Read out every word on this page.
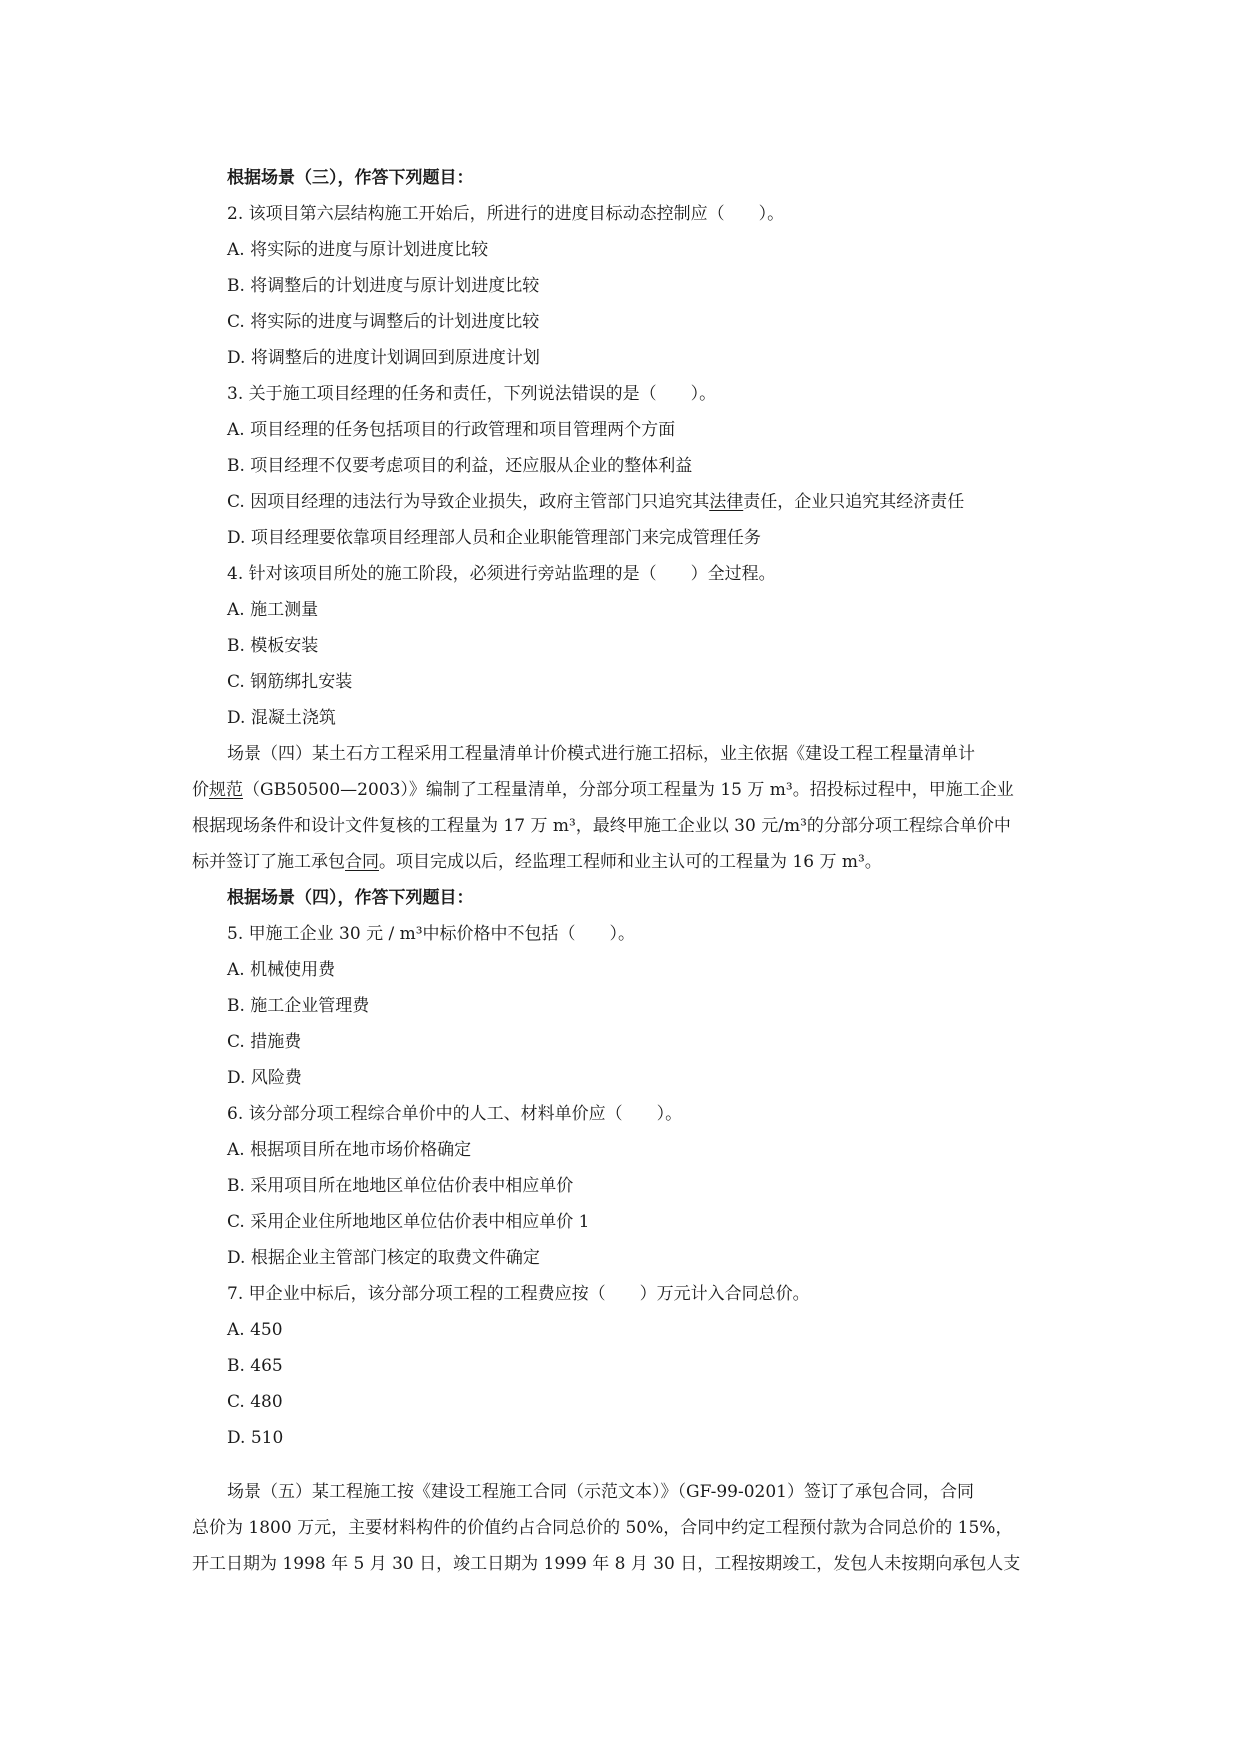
根据场景（三），作答下列题目：
2. 该项目第六层结构施工开始后，所进行的进度目标动态控制应（　　）。
A. 将实际的进度与原计划进度比较
B. 将调整后的计划进度与原计划进度比较
C. 将实际的进度与调整后的计划进度比较
D. 将调整后的进度计划调回到原进度计划
3. 关于施工项目经理的任务和责任，下列说法错误的是（　　）。
A. 项目经理的任务包括项目的行政管理和项目管理两个方面
B. 项目经理不仅要考虑项目的利益，还应服从企业的整体利益
C. 因项目经理的违法行为导致企业损失，政府主管部门只追究其法律责任，企业只追究其经济责任
D. 项目经理要依靠项目经理部人员和企业职能管理部门来完成管理任务
4. 针对该项目所处的施工阶段，必须进行旁站监理的是（　　）全过程。
A. 施工测量
B. 模板安装
C. 钢筋绑扎安装
D. 混凝土浇筑
场景（四）某土石方工程采用工程量清单计价模式进行施工招标，业主依据《建设工程工程量清单计
价规范（GB50500—2003）》编制了工程量清单，分部分项工程量为 15 万 m³。招投标过程中，甲施工企业
根据现场条件和设计文件复核的工程量为 17 万 m³，最终甲施工企业以 30 元/m³的分部分项工程综合单价中
标并签订了施工承包合同。项目完成以后，经监理工程师和业主认可的工程量为 16 万 m³。
根据场景（四），作答下列题目：
5. 甲施工企业 30 元 / m³中标价格中不包括（　　）。
A. 机械使用费
B. 施工企业管理费
C. 措施费
D. 风险费
6. 该分部分项工程综合单价中的人工、材料单价应（　　）。
A. 根据项目所在地市场价格确定
B. 采用项目所在地地区单位估价表中相应单价
C. 采用企业住所地地区单位估价表中相应单价 1
D. 根据企业主管部门核定的取费文件确定
7. 甲企业中标后，该分部分项工程的工程费应按（　　）万元计入合同总价。
A. 450
B. 465
C. 480
D. 510
场景（五）某工程施工按《建设工程施工合同（示范文本）》（GF-99-0201）签订了承包合同，合同
总价为 1800 万元，主要材料构件的价值约占合同总价的 50%，合同中约定工程预付款为合同总价的 15%，
开工日期为 1998 年 5 月 30 日，竣工日期为 1999 年 8 月 30 日，工程按期竣工，发包人未按期向承包人支
